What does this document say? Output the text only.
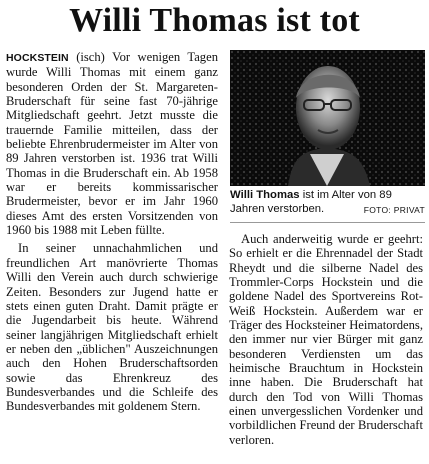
Willi Thomas ist tot

HOCKSTEIN (isch) Vor wenigen Tagen wurde Willi Thomas mit einem ganz besonderen Orden der St. Margareten-Bruderschaft für seine fast 70-jährige Mitgliedschaft geehrt. Jetzt musste die trauernde Familie mitteilen, dass der beliebte Ehrenbrudermeister im Alter von 89 Jahren verstorben ist. 1936 trat Willi Thomas in die Bruderschaft ein. Ab 1958 war er bereits kommissarischer Brudermeister, bevor er im Jahr 1960 dieses Amt des ersten Vorsitzenden von 1960 bis 1988 mit Leben füllte.

In seiner unnachahmlichen und freundlichen Art manövrierte Thomas Willi den Verein auch durch schwierige Zeiten. Besonders zur Jugend hatte er stets einen guten Draht. Damit prägte er die Jugendarbeit bis heute. Während seiner langjährigen Mitgliedschaft erhielt er neben den „üblichen" Auszeichnungen auch den Hohen Bruderschaftsorden sowie das Ehrenkreuz des Bundesverbandes und die Schleife des Bundesverbandes mit goldenem Stern.

Willi Thomas ist im Alter von 89 Jahren verstorben.	FOTO: PRIVAT

Auch anderweitig wurde er geehrt: So erhielt er die Ehrennadel der Stadt Rheydt und die silberne Nadel des Trommler-Corps Hockstein und die goldene Nadel des Sportvereins Rot-Weiß Hockstein. Außerdem war er Träger des Hocksteiner Heimatordens, den immer nur vier Bürger mit ganz besonderen Verdiensten um das heimische Brauchtum in Hockstein inne haben. Die Bruderschaft hat durch den Tod von Willi Thomas einen unvergesslichen Vordenker und vorbildlichen Freund der Bruderschaft verloren.
